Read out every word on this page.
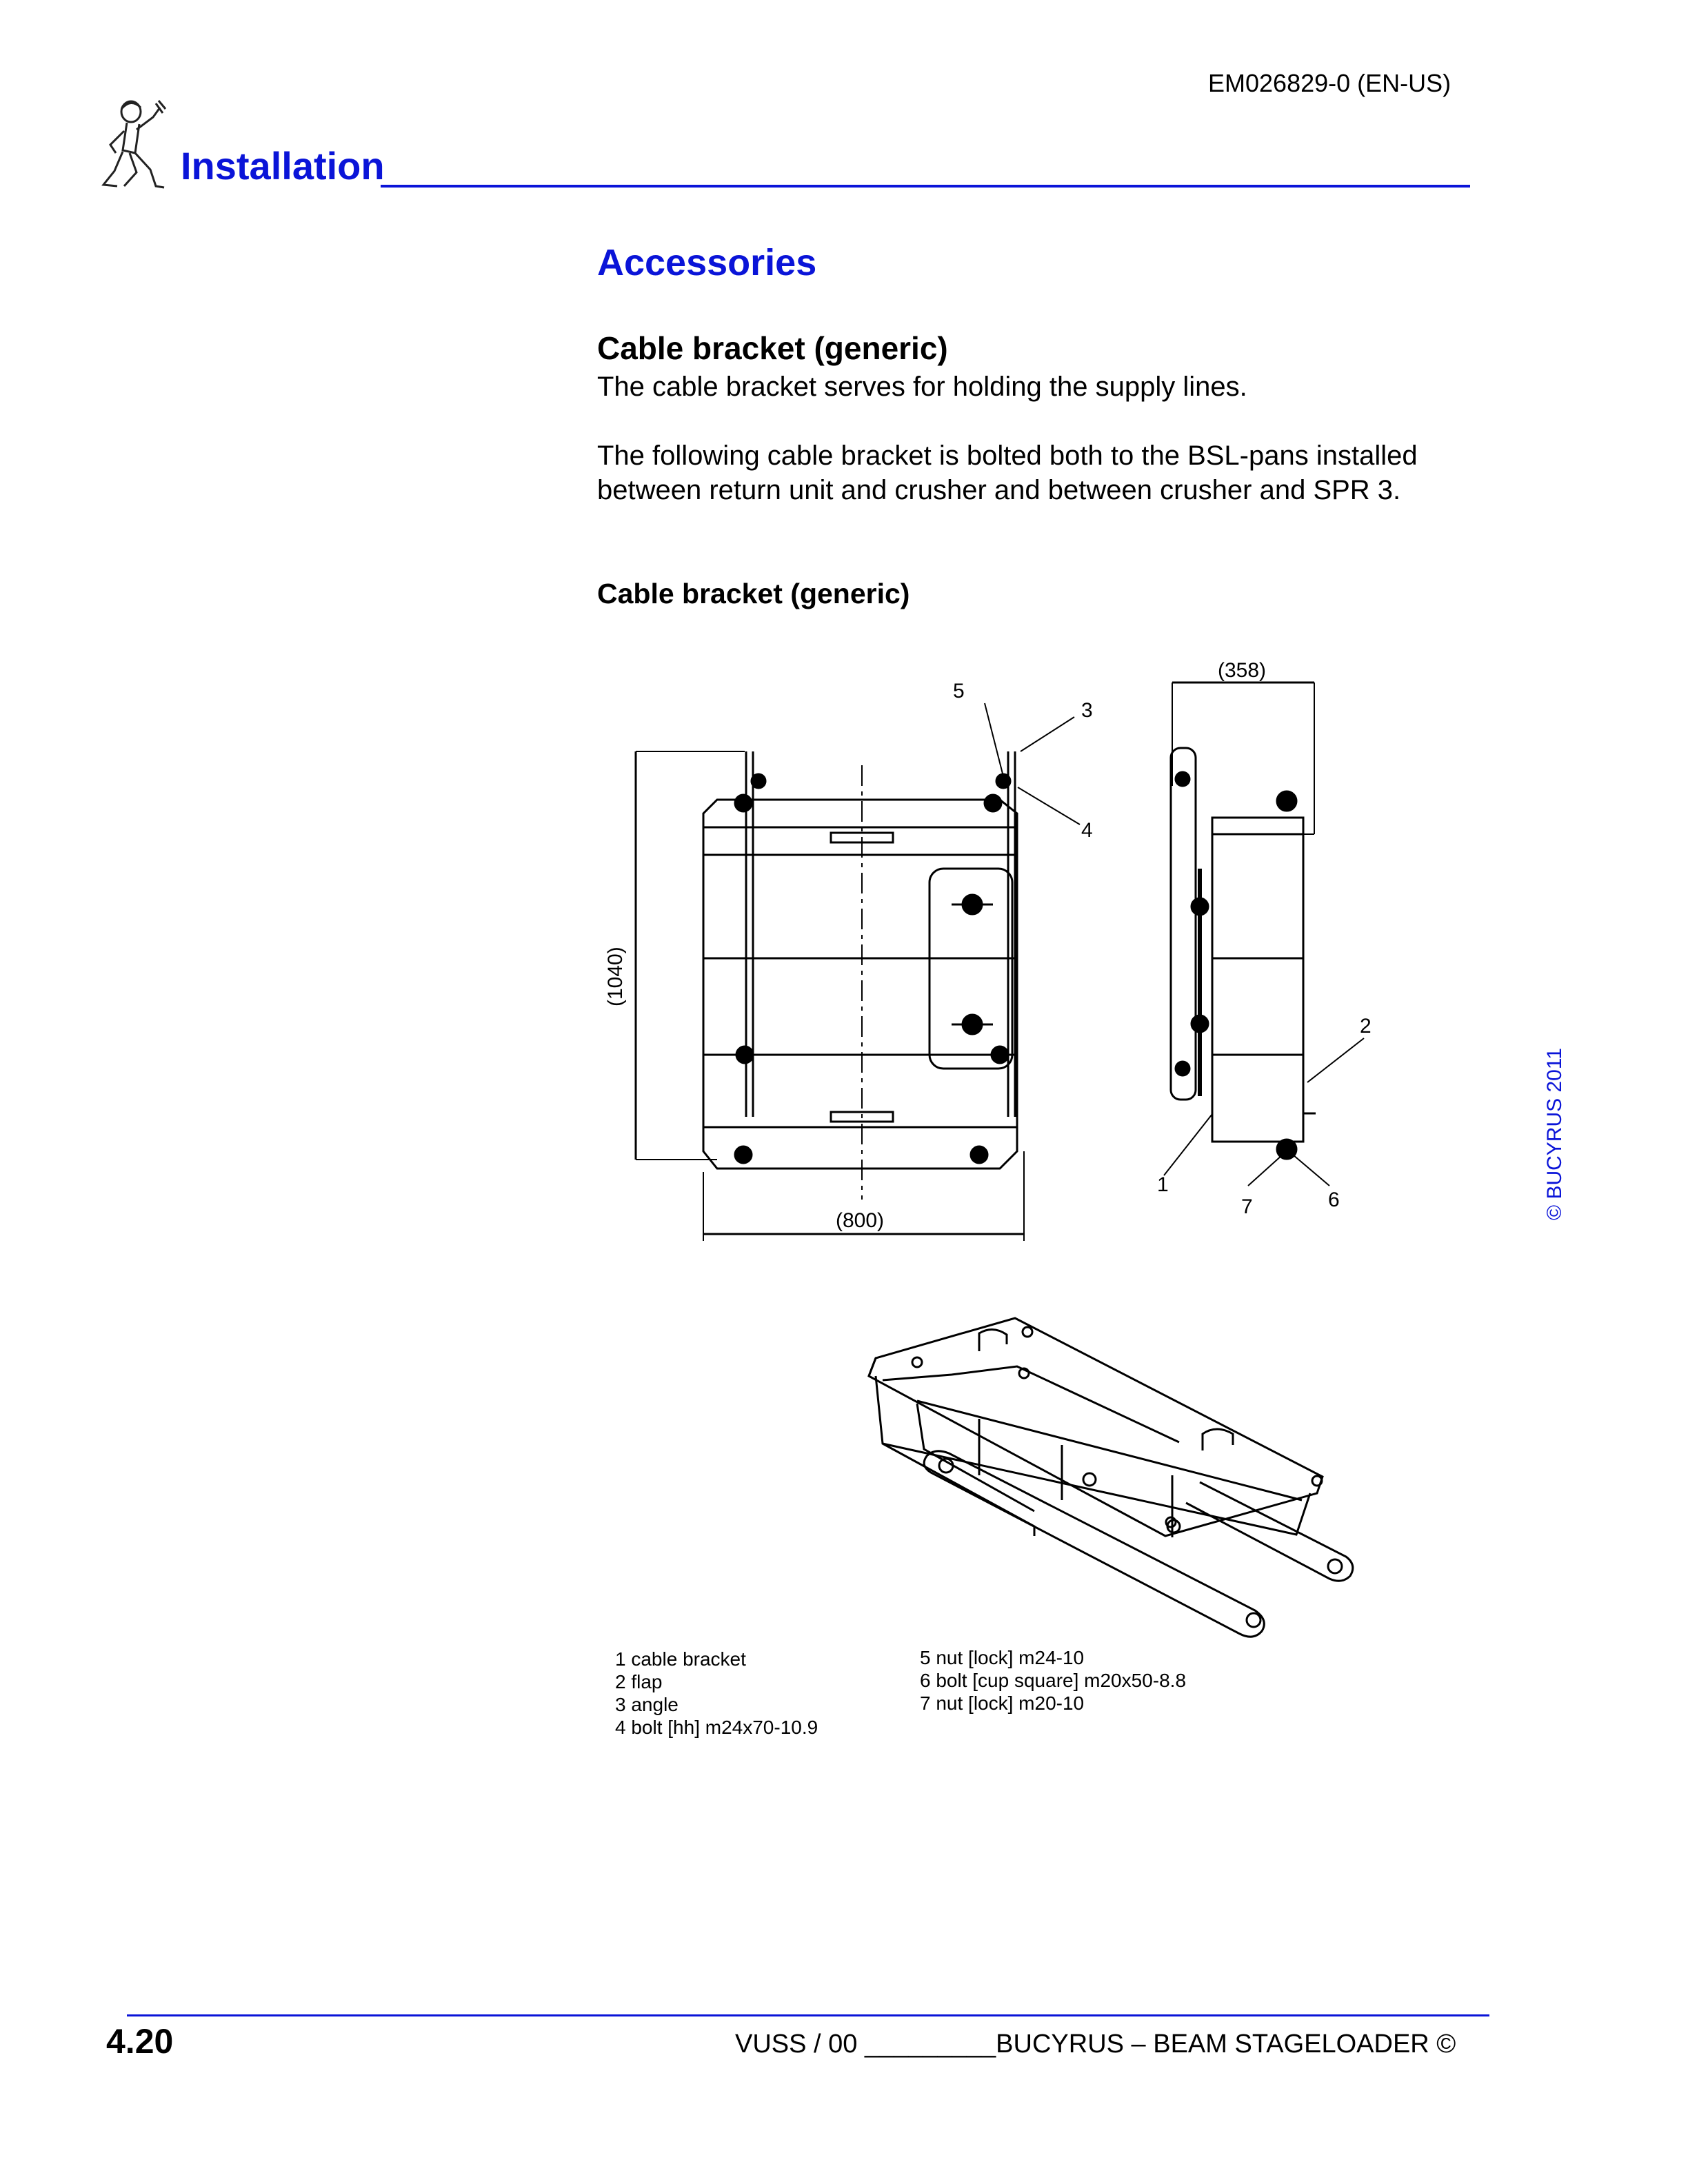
EM026829-0 (EN-US)
Installation
Accessories
Cable bracket (generic)
The cable bracket serves for holding the supply lines.
The following cable bracket is bolted both to the BSL-pans installed between return unit and crusher and between crusher and SPR 3.
Cable bracket (generic)
(1040)
(800)
(358)
5
3
4
2
1
7	6
1 cable bracket
2 flap
3 angle
4 bolt [hh] m24x70-10.9
5 nut [lock] m24-10
6 bolt [cup square] m20x50-8.8
7 nut [lock] m20-10
© BUCYRUS 2011
4.20	VUSS / 00 _________BUCYRUS – BEAM STAGELOADER ©
